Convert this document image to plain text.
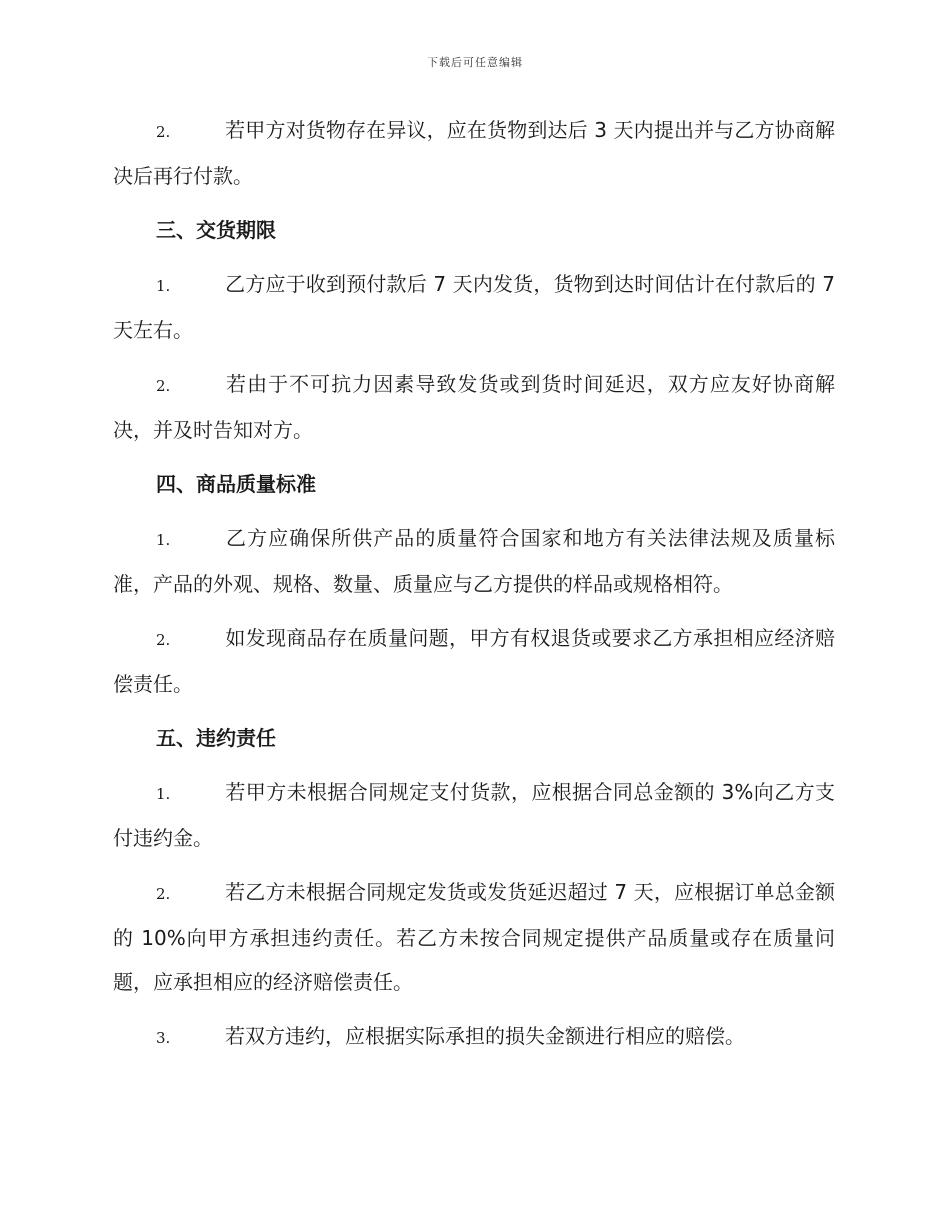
下载后可任意编辑

2.	若甲方对货物存在异议，应在货物到达后 3 天内提出并与乙方协商解决后再行付款。

三、交货期限

1.	乙方应于收到预付款后 7 天内发货，货物到达时间估计在付款后的 7 天左右。

2.	若由于不可抗力因素导致发货或到货时间延迟，双方应友好协商解决，并及时告知对方。

四、商品质量标准

1.	乙方应确保所供产品的质量符合国家和地方有关法律法规及质量标准，产品的外观、规格、数量、质量应与乙方提供的样品或规格相符。

2.	如发现商品存在质量问题，甲方有权退货或要求乙方承担相应经济赔偿责任。

五、违约责任

1.	若甲方未根据合同规定支付货款，应根据合同总金额的 3%向乙方支付违约金。

2.	若乙方未根据合同规定发货或发货延迟超过 7 天，应根据订单总金额的 10%向甲方承担违约责任。若乙方未按合同规定提供产品质量或存在质量问题，应承担相应的经济赔偿责任。

3.	若双方违约，应根据实际承担的损失金额进行相应的赔偿。
